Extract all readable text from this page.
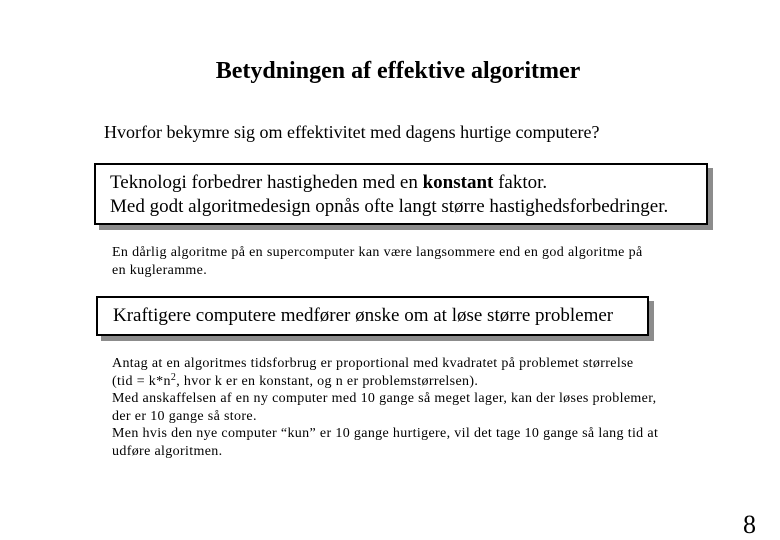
Betydningen af effektive algoritmer
Hvorfor bekymre sig om effektivitet med dagens hurtige computere?
Teknologi forbedrer hastigheden med en konstant faktor.
Med godt algoritmedesign opnås ofte langt større hastighedsforbedringer.
En dårlig algoritme på en supercomputer kan være langsommere end en god algoritme på
en kugleramme.
Kraftigere computere medfører ønske om at løse større problemer
Antag at en algoritmes tidsforbrug er proportional med kvadratet på problemet størrelse
($tid = k*n^2$, hvor k er en konstant, og n er problemstørrelsen).
Med anskaffelsen af en ny computer med 10 gange så meget lager, kan der løses problemer,
der er 10 gange så store.
Men hvis den nye computer “kun” er 10 gange hurtigere, vil det tage 10 gange så lang tid at
udføre algoritmen.
8
